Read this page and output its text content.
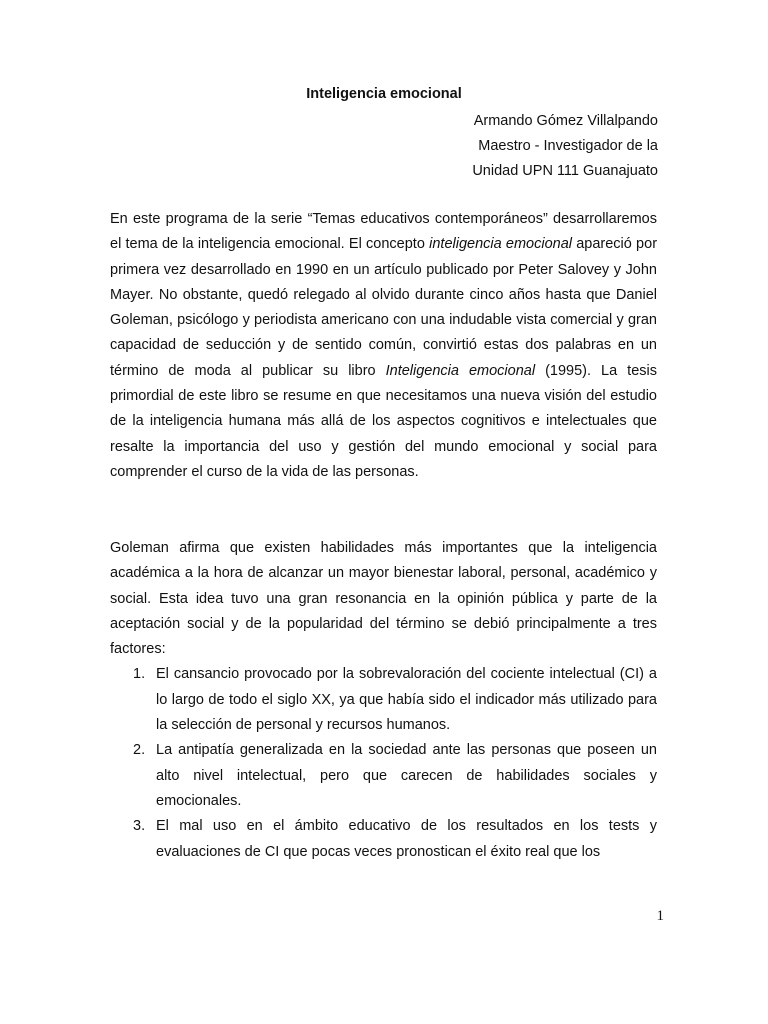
Inteligencia emocional
Armando Gómez Villalpando
Maestro - Investigador de la
Unidad UPN 111 Guanajuato

En este programa de la serie “Temas educativos contemporáneos” desarrollaremos el tema de la inteligencia emocional. El concepto inteligencia emocional apareció por primera vez desarrollado en 1990 en un artículo publicado por Peter Salovey y John Mayer. No obstante, quedó relegado al olvido durante cinco años hasta que Daniel Goleman, psicólogo y periodista americano con una indudable vista comercial y gran capacidad de seducción y de sentido común, convirtió estas dos palabras en un término de moda al publicar su libro Inteligencia emocional (1995). La tesis primordial de este libro se resume en que necesitamos una nueva visión del estudio de la inteligencia humana más allá de los aspectos cognitivos e intelectuales que resalte la importancia del uso y gestión del mundo emocional y social para comprender el curso de la vida de las personas.

Goleman afirma que existen habilidades más importantes que la inteligencia académica a la hora de alcanzar un mayor bienestar laboral, personal, académico y social. Esta idea tuvo una gran resonancia en la opinión pública y parte de la aceptación social y de la popularidad del término se debió principalmente a tres factores:

1. El cansancio provocado por la sobrevaloración del cociente intelectual (CI) a lo largo de todo el siglo XX, ya que había sido el indicador más utilizado para la selección de personal y recursos humanos.
2. La antipatía generalizada en la sociedad ante las personas que poseen un alto nivel intelectual, pero que carecen de habilidades sociales y emocionales.
3. El mal uso en el ámbito educativo de los resultados en los tests y evaluaciones de CI que pocas veces pronostican el éxito real que los
1
